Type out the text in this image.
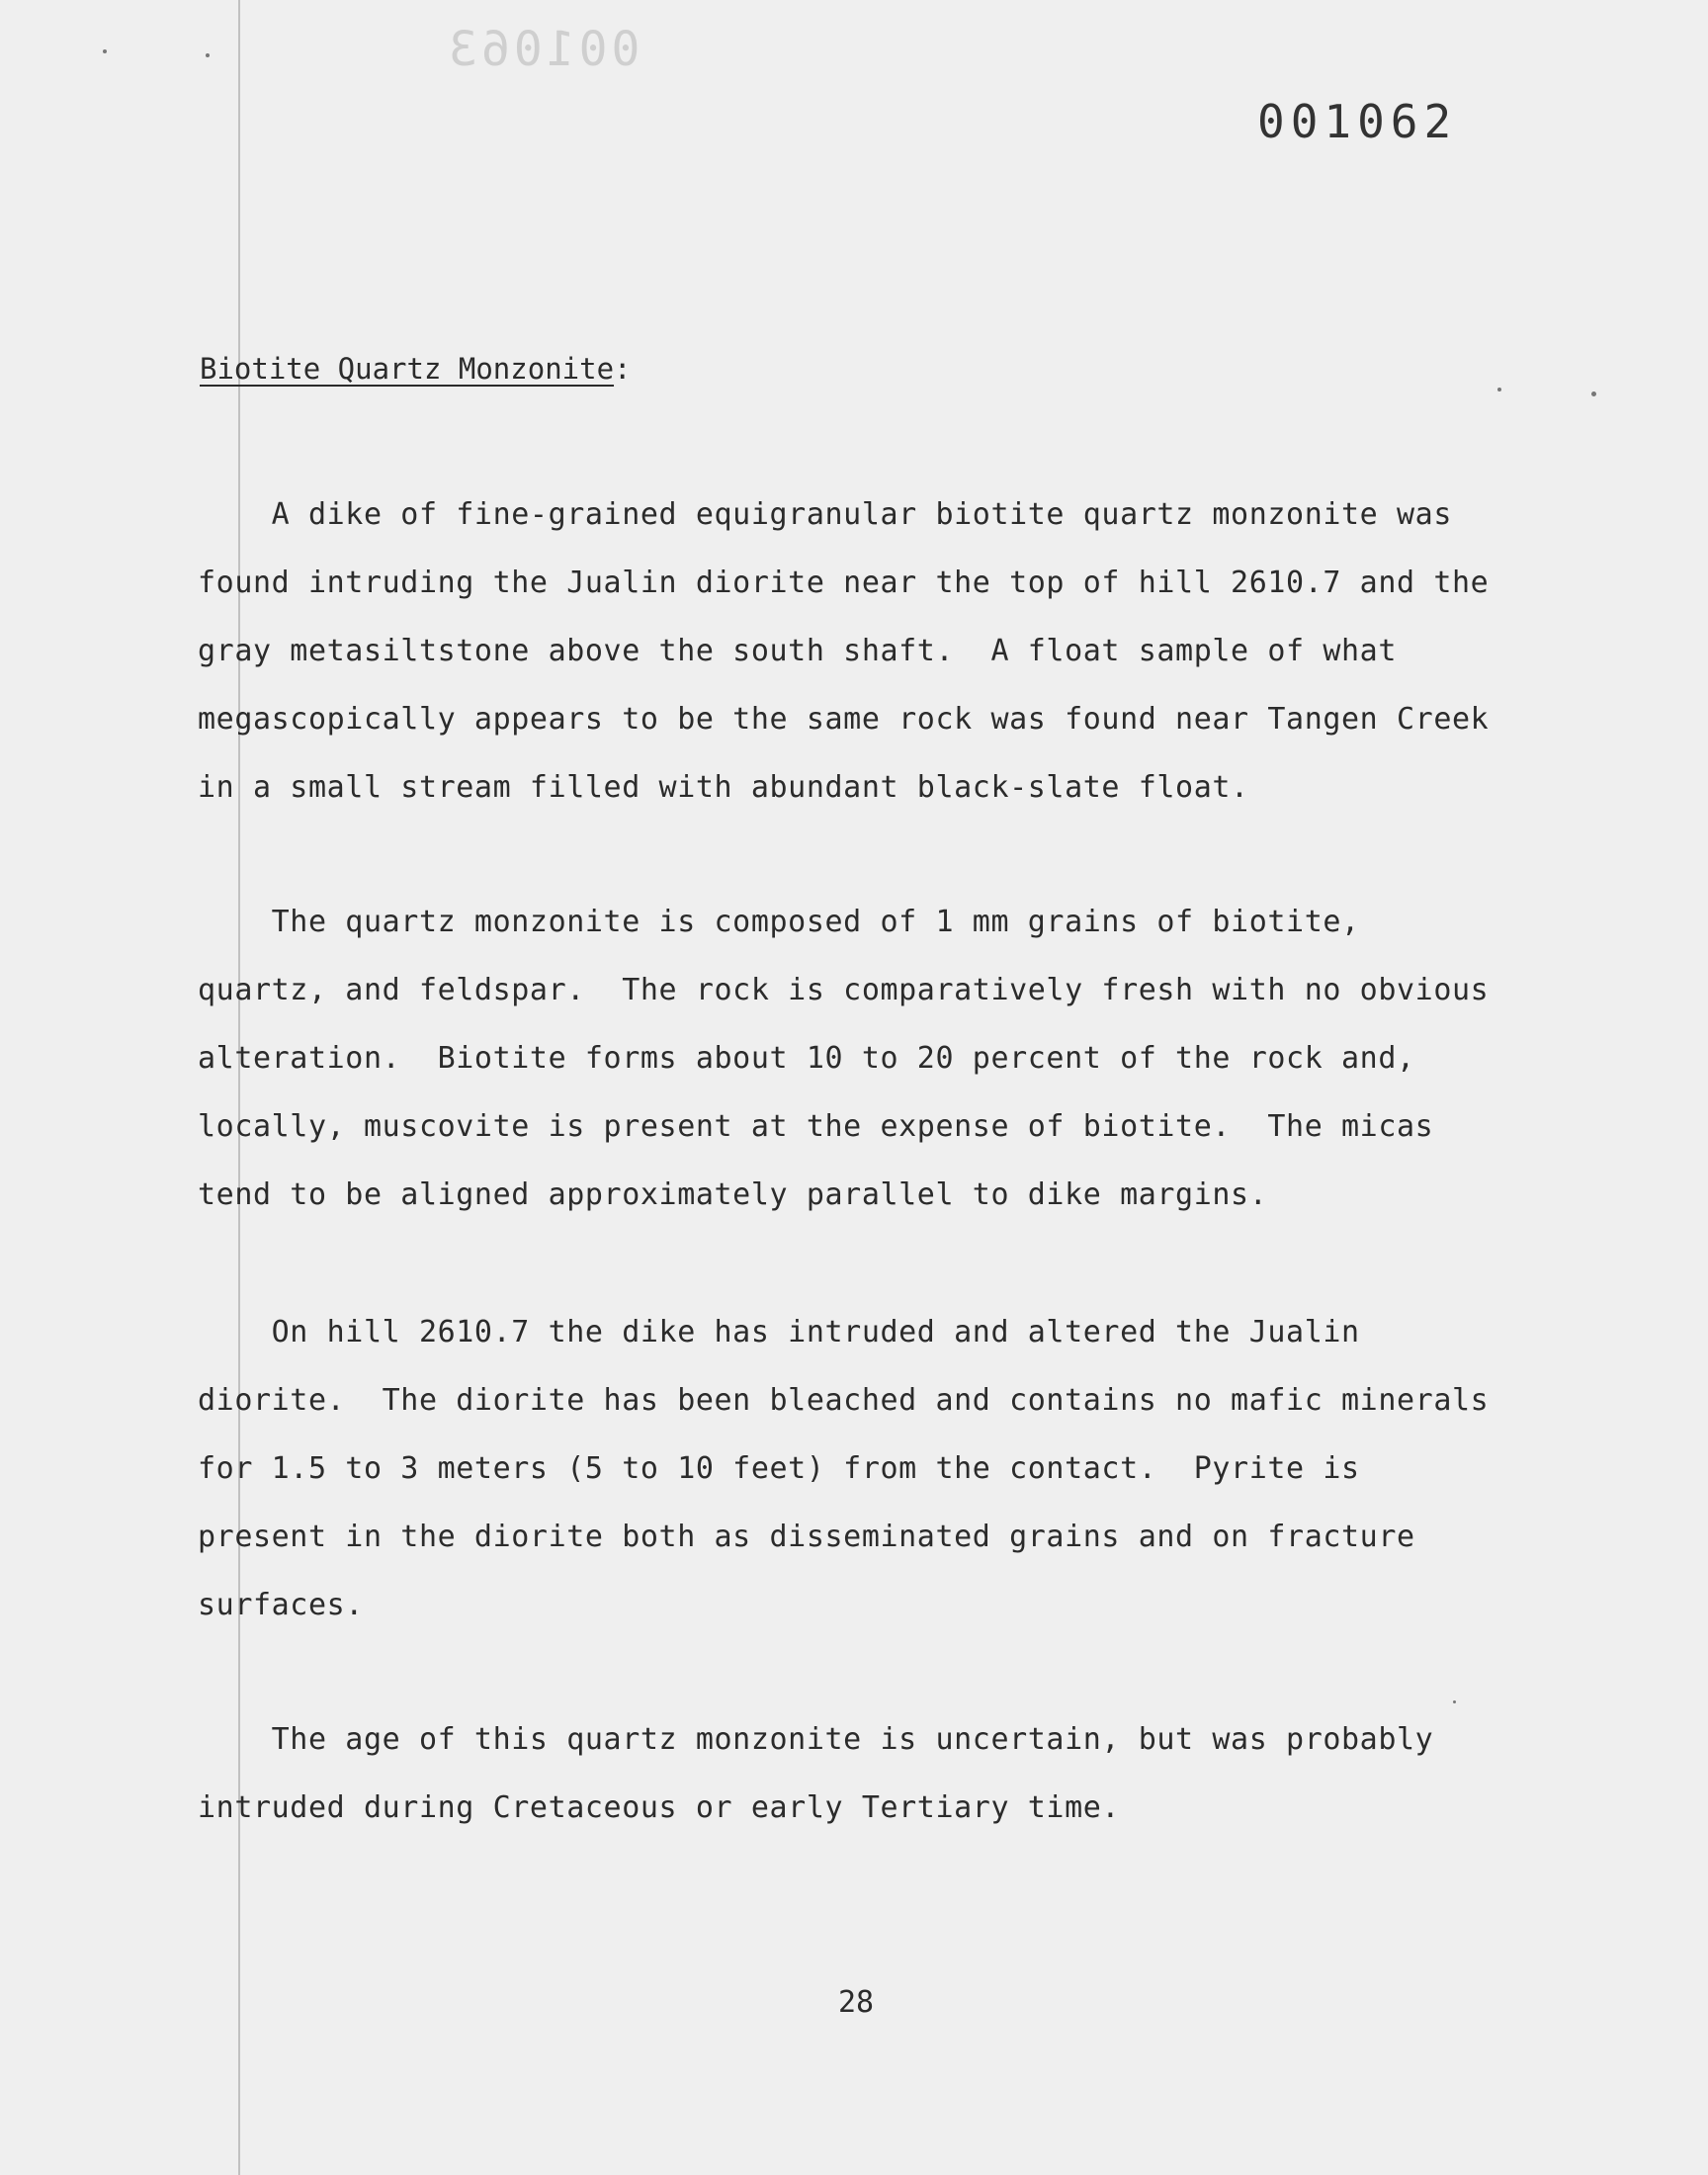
001063
001062
Biotite Quartz Monzonite:
A dike of fine-grained equigranular biotite quartz monzonite was
found intruding the Jualin diorite near the top of hill 2610.7 and the
gray metasiltstone above the south shaft.  A float sample of what
megascopically appears to be the same rock was found near Tangen Creek
in a small stream filled with abundant black-slate float.
The quartz monzonite is composed of 1 mm grains of biotite,
quartz, and feldspar.  The rock is comparatively fresh with no obvious
alteration.  Biotite forms about 10 to 20 percent of the rock and,
locally, muscovite is present at the expense of biotite.  The micas
tend to be aligned approximately parallel to dike margins.
On hill 2610.7 the dike has intruded and altered the Jualin
diorite.  The diorite has been bleached and contains no mafic minerals
for 1.5 to 3 meters (5 to 10 feet) from the contact.  Pyrite is
present in the diorite both as disseminated grains and on fracture
surfaces.
The age of this quartz monzonite is uncertain, but was probably
intruded during Cretaceous or early Tertiary time.
28
